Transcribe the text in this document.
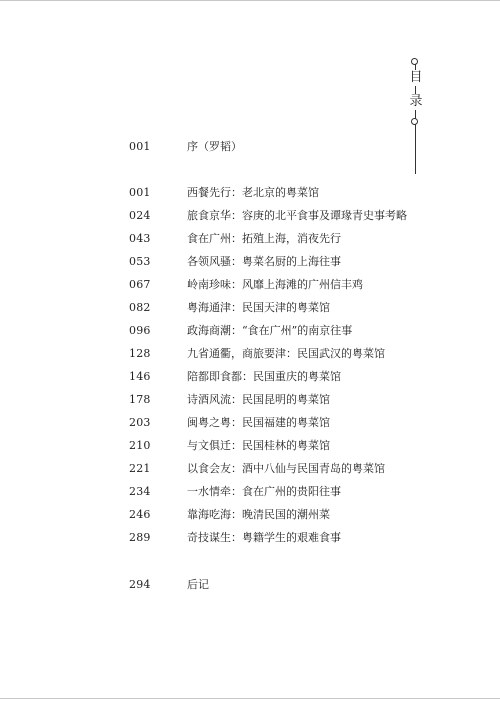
目
录
001	序（罗韬）
001	西餐先行：老北京的粤菜馆
024	旅食京华：容庚的北平食事及谭瑑青史事考略
043	食在广州：拓殖上海，消夜先行
053	各领风骚：粤菜名厨的上海往事
067	岭南珍味：风靡上海滩的广州信丰鸡
082	粤海通津：民国天津的粤菜馆
096	政海商潮：“食在广州”的南京往事
128	九省通衢，商旅要津：民国武汉的粤菜馆
146	陪都即食都：民国重庆的粤菜馆
178	诗酒风流：民国昆明的粤菜馆
203	闽粤之粤：民国福建的粤菜馆
210	与文俱迁：民国桂林的粤菜馆
221	以食会友：酒中八仙与民国青岛的粤菜馆
234	一水情牵：食在广州的贵阳往事
246	靠海吃海：晚清民国的潮州菜
289	奇技谋生：粤籍学生的艰难食事
294	后记
